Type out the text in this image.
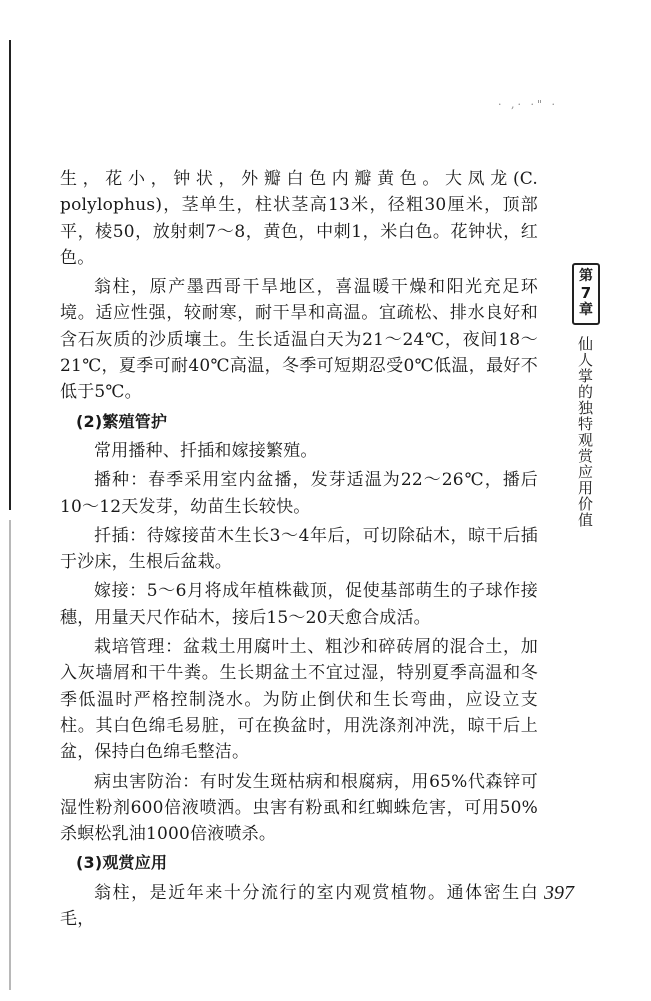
· ,· ·" ·

生，花小，钟状，外瓣白色内瓣黄色。大凤龙(C. polylophus)，茎单生，柱状茎高13米，径粗30厘米，顶部平，棱50，放射刺7～8，黄色，中刺1，米白色。花钟状，红色。

翁柱，原产墨西哥干旱地区，喜温暖干燥和阳光充足环境。适应性强，较耐寒，耐干旱和高温。宜疏松、排水良好和含石灰质的沙质壤土。生长适温白天为21～24℃，夜间18～21℃，夏季可耐40℃高温，冬季可短期忍受0℃低温，最好不低于5℃。

(2)繁殖管护

常用播种、扦插和嫁接繁殖。

播种：春季采用室内盆播，发芽适温为22～26℃，播后10～12天发芽，幼苗生长较快。

扦插：待嫁接苗木生长3～4年后，可切除砧木，晾干后插于沙床，生根后盆栽。

嫁接：5～6月将成年植株截顶，促使基部萌生的子球作接穗，用量天尺作砧木，接后15～20天愈合成活。

栽培管理：盆栽土用腐叶土、粗沙和碎砖屑的混合土，加入灰墙屑和干牛粪。生长期盆土不宜过湿，特别夏季高温和冬季低温时严格控制浇水。为防止倒伏和生长弯曲，应设立支柱。其白色绵毛易脏，可在换盆时，用洗涤剂冲洗，晾干后上盆，保持白色绵毛整洁。

病虫害防治：有时发生斑枯病和根腐病，用65%代森锌可湿性粉剂600倍液喷洒。虫害有粉虱和红蜘蛛危害，可用50%杀螟松乳油1000倍液喷杀。

(3)观赏应用

翁柱，是近年来十分流行的室内观赏植物。通体密生白毛，

第
7
章
仙人掌的独特观赏应用价值
397
